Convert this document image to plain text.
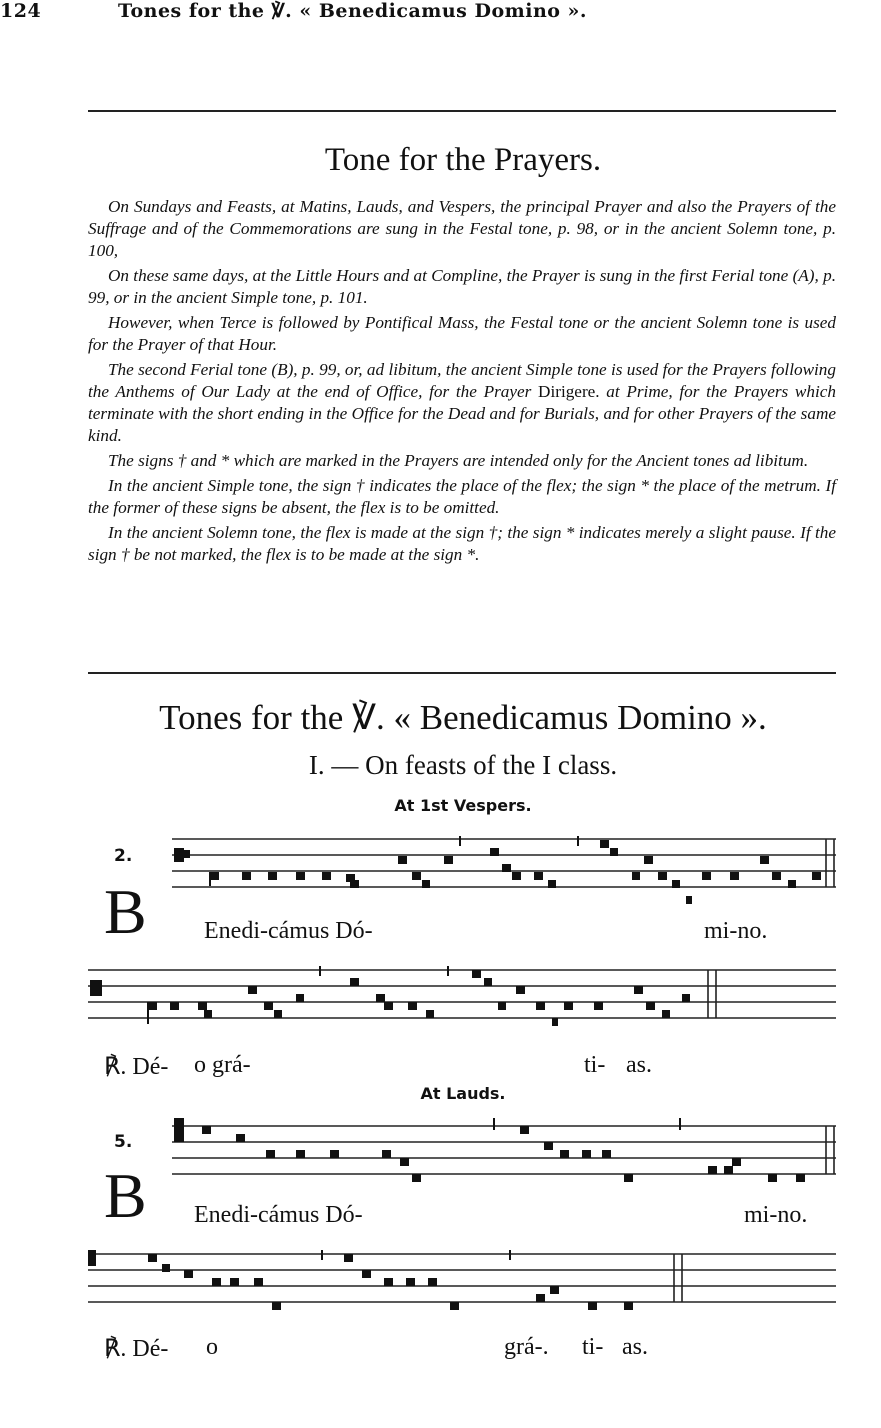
124	Tones for the ℣. « Benedicamus Domino ».
Tone for the Prayers.

On Sundays and Feasts, at Matins, Lauds, and Vespers, the principal Prayer and also the Prayers of the Suffrage and of the Commemorations are sung in the Festal tone, p. 98, or in the ancient Solemn tone, p. 100,

On these same days, at the Little Hours and at Compline, the Prayer is sung in the first Ferial tone (A), p. 99, or in the ancient Simple tone, p. 101.

However, when Terce is followed by Pontifical Mass, the Festal tone or the ancient Solemn tone is used for the Prayer of that Hour.

The second Ferial tone (B), p. 99, or, ad libitum, the ancient Simple tone is used for the Prayers following the Anthems of Our Lady at the end of Office, for the Prayer Dirigere. at Prime, for the Prayers which terminate with the short ending in the Office for the Dead and for Burials, and for other Prayers of the same kind.

The signs † and * which are marked in the Prayers are intended only for the Ancient tones ad libitum.

In the ancient Simple tone, the sign † indicates the place of the flex; the sign * the place of the metrum. If the former of these signs be absent, the flex is to be omitted.

In the ancient Solemn tone, the flex is made at the sign †; the sign * indicates merely a slight pause. If the sign † be not marked, the flex is to be made at the sign *.

Tones for the ℣. « Benedicamus Domino ».
I. — On feasts of the I class.
At 1st Vespers.
2.
B Enedi-cámus Dó-	mi-no.
℟. Dé- o grá-	ti- as.
At Lauds.
5.
B Enedi-cámus Dó-	mi-no.
℟. Dé- o	grá-. ti- as.
